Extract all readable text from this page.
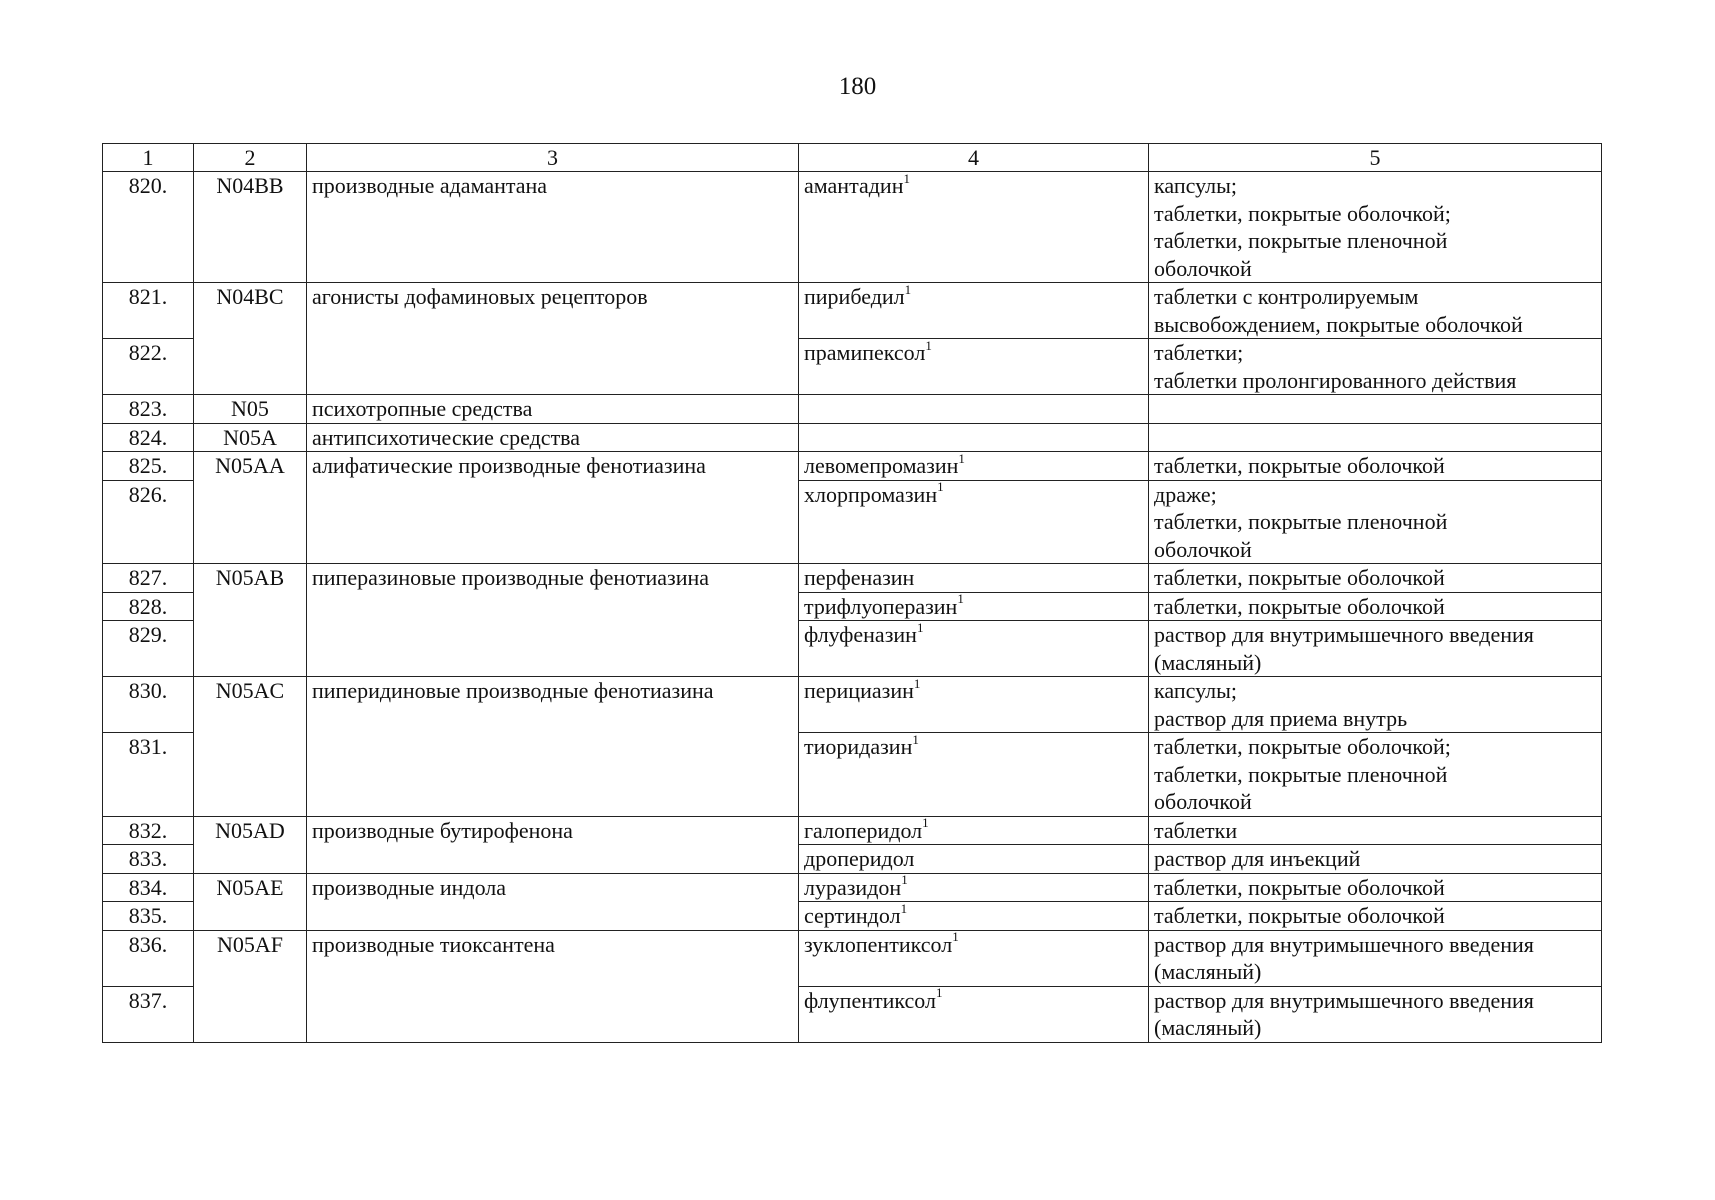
180
1	2	3	4	5
820.	N04BB	производные адамантана	амантадин$^1$	капсулы;
таблетки, покрытые оболочкой;
таблетки, покрытые пленочной
оболочкой

821.	N04BC	агонисты дофаминовых рецепторов	пирибедил$^1$	таблетки с контролируемым
высвобождением, покрытые оболочкой

822.			прамипексол$^1$	таблетки;
таблетки пролонгированного действия

823.	N05	психотропные средства		

824.	N05A	антипсихотические средства		

825.	N05AA	алифатические производные фенотиазина	левомепромазин$^1$	таблетки, покрытые оболочкой

826.			хлорпромазин$^1$	драже;
таблетки, покрытые пленочной
оболочкой

827.	N05AB	пиперазиновые производные фенотиазина	перфеназин	таблетки, покрытые оболочкой

828.			трифлуоперазин$^1$	таблетки, покрытые оболочкой

829.			флуфеназин$^1$	раствор для внутримышечного введения
(масляный)

830.	N05AC	пиперидиновые производные фенотиазина	перициазин$^1$	капсулы;
раствор для приема внутрь

831.			тиоридазин$^1$	таблетки, покрытые оболочкой;
таблетки, покрытые пленочной
оболочкой

832.	N05AD	производные бутирофенона	галоперидол$^1$	таблетки

833.			дроперидол	раствор для инъекций

834.	N05AE	производные индола	луразидон$^1$	таблетки, покрытые оболочкой

835.			сертиндол$^1$	таблетки, покрытые оболочкой

836.	N05AF	производные тиоксантена	зуклопентиксол$^1$	раствор для внутримышечного введения
(масляный)

837.			флупентиксол$^1$	раствор для внутримышечного введения
(масляный)
